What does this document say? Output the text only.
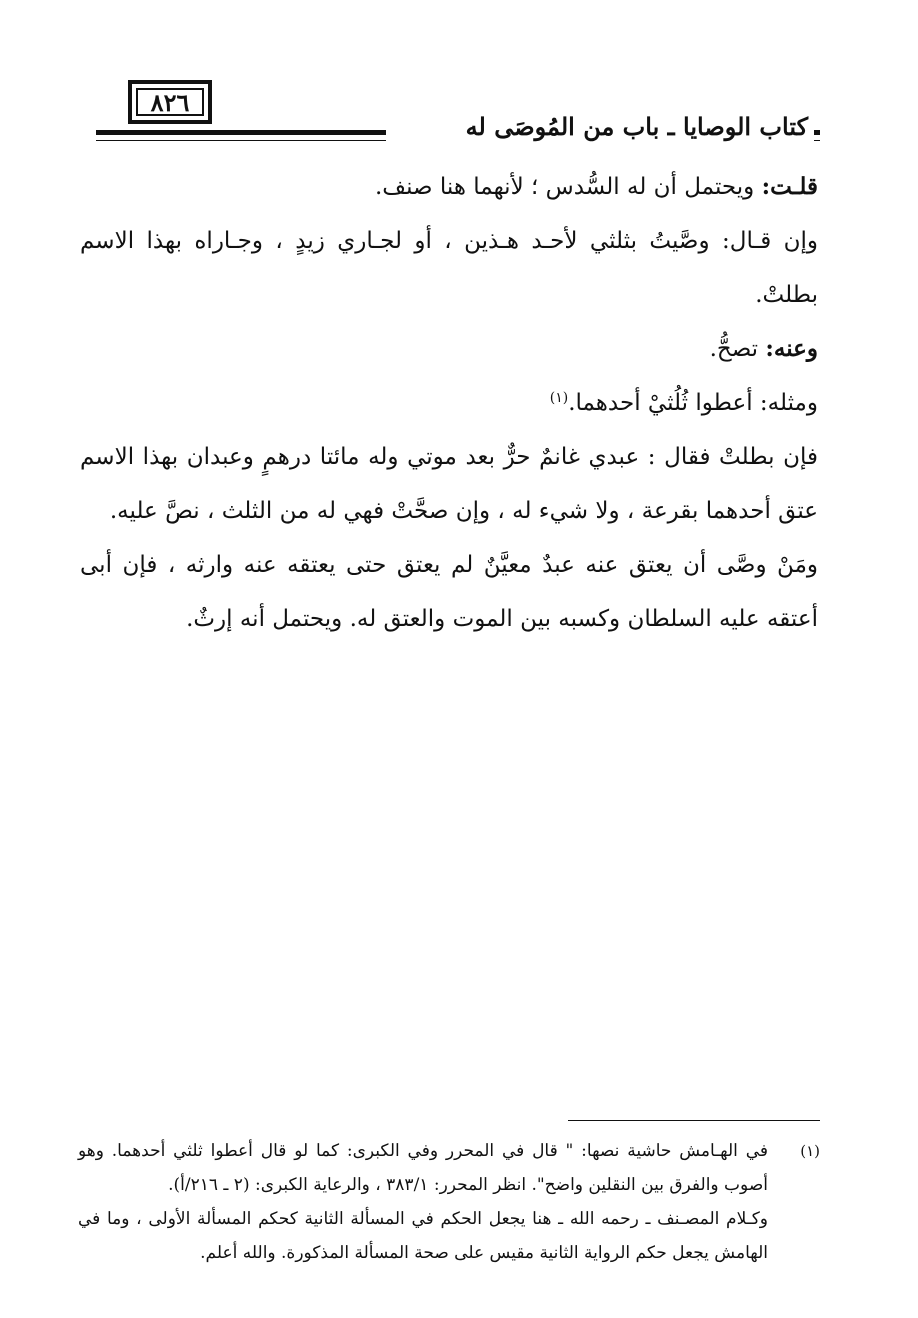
٨٢٦
كتاب الوصايا ـ باب من المُوصَى له

قلـت: ويحتمل أن له السُّدس ؛ لأنهما هنا صنف.

وإن قـال: وصَّيتُ بثلثي لأحـد هـذين ، أو لجـاري زيدٍ ، وجـاراه بهذا الاسم بطلتْ.

وعنه: تصحُّ.

ومثله: أعطوا ثُلُثيْ أحدهما.$^{(١)}$

فإن بطلتْ فقال : عبدي غانمٌ حرٌّ بعد موتي وله مائتا درهمٍ وعبدان بهذا الاسم عتق أحدهما بقرعة ، ولا شيء له ، وإن صحَّتْ فهي له من الثلث ، نصَّ عليه.

ومَنْ وصَّى أن يعتق عنه عبدٌ معيَّنٌ لم يعتق حتى يعتقه عنه وارثه ، فإن أبى أعتقه عليه السلطان وكسبه بين الموت والعتق له. ويحتمل أنه إرثٌ.

(١)

في الهـامش حاشية نصها: " قال في المحرر وفي الكبرى: كما لو قال أعطوا ثلثي أحدهما. وهو أصوب والفرق بين النقلين واضح". انظر المحرر: ٣٨٣/١ ، والرعاية الكبرى: (٢ ـ ٢١٦/أ).

وكـلام المصـنف ـ رحمه الله ـ هنا يجعل الحكم في المسألة الثانية كحكم المسألة الأولى ، وما في الهامش يجعل حكم الرواية الثانية مقيس على صحة المسألة المذكورة. والله أعلم.
